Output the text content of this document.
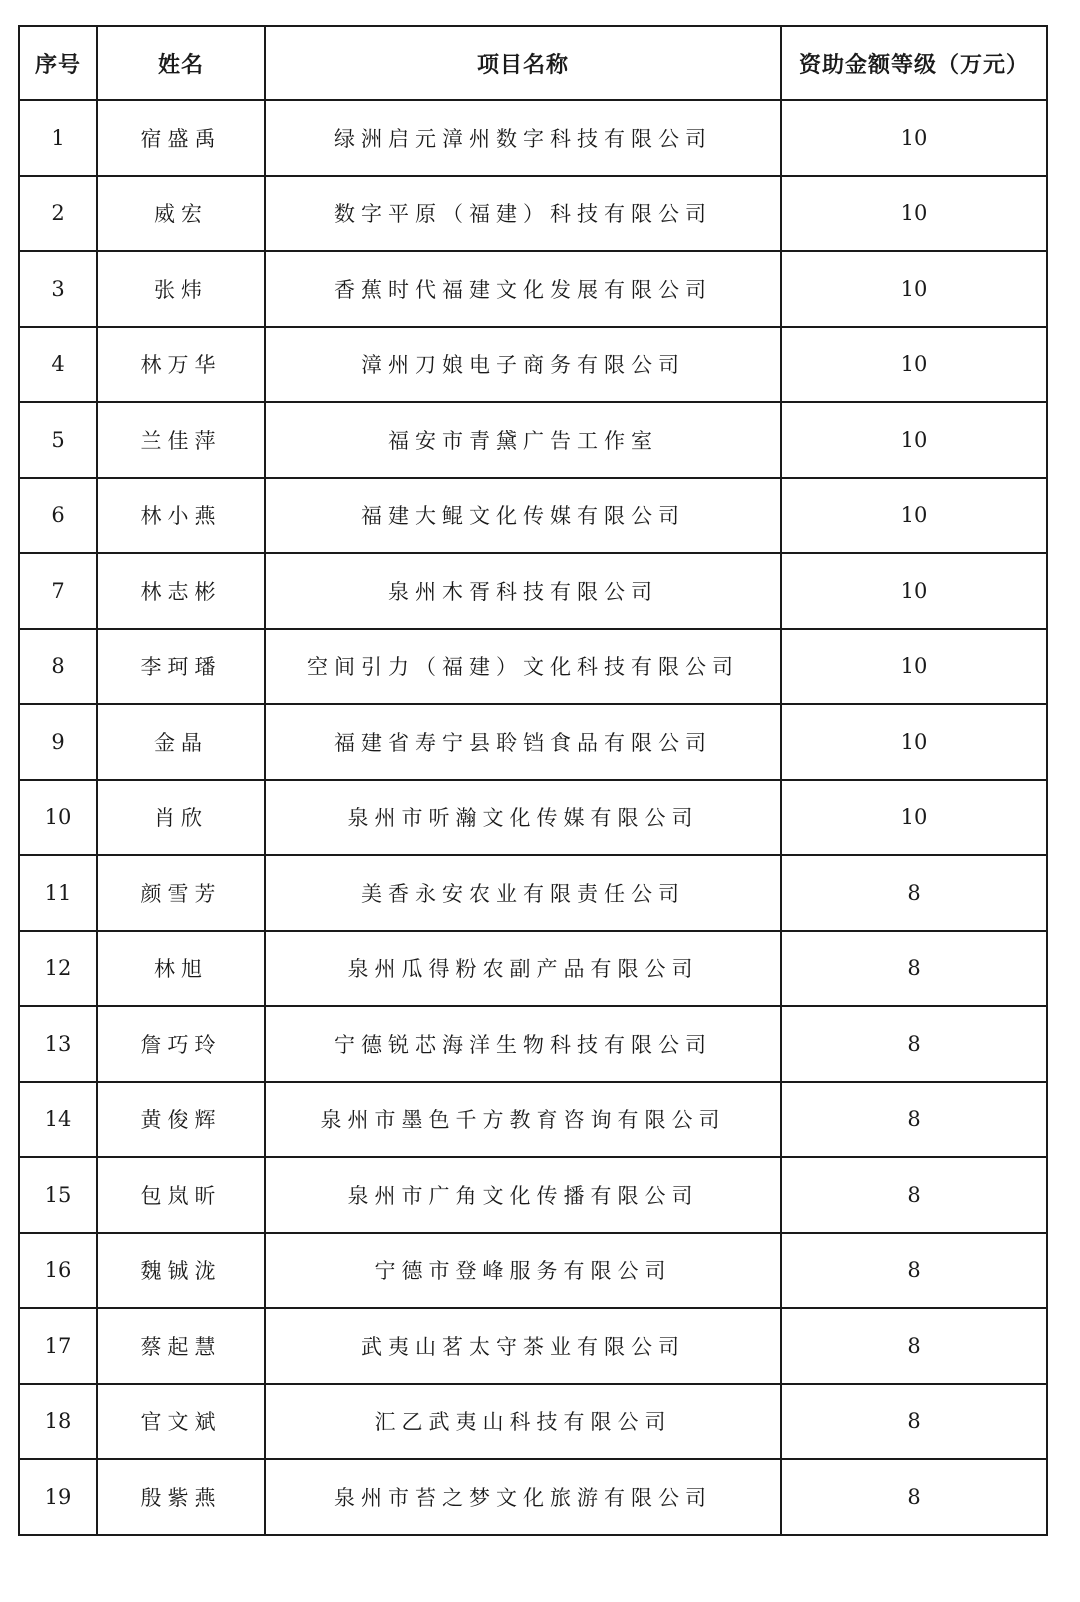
序号	姓名	项目名称	资助金额等级（万元）
1	宿盛禹	绿洲启元漳州数字科技有限公司	10
2	威宏	数字平原（福建）科技有限公司	10
3	张炜	香蕉时代福建文化发展有限公司	10
4	林万华	漳州刀娘电子商务有限公司	10
5	兰佳萍	福安市青黛广告工作室	10
6	林小燕	福建大鲲文化传媒有限公司	10
7	林志彬	泉州木胥科技有限公司	10
8	李珂璠	空间引力（福建）文化科技有限公司	10
9	金晶	福建省寿宁县聆铛食品有限公司	10
10	肖欣	泉州市听瀚文化传媒有限公司	10
11	颜雪芳	美香永安农业有限责任公司	8
12	林旭	泉州瓜得粉农副产品有限公司	8
13	詹巧玲	宁德锐芯海洋生物科技有限公司	8
14	黄俊辉	泉州市墨色千方教育咨询有限公司	8
15	包岚昕	泉州市广角文化传播有限公司	8
16	魏铖泷	宁德市登峰服务有限公司	8
17	蔡起慧	武夷山茗太守茶业有限公司	8
18	官文斌	汇乙武夷山科技有限公司	8
19	殷紫燕	泉州市苔之梦文化旅游有限公司	8
